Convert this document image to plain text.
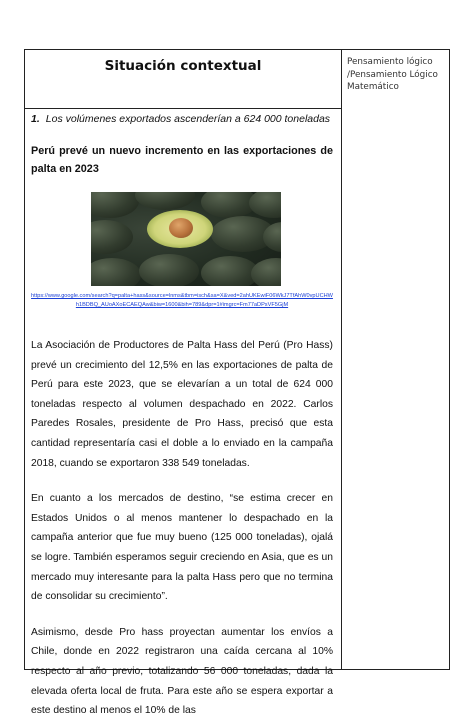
Situación contextual	Pensamiento lógico /Pensamiento Lógico Matemático

1. Los volúmenes exportados ascenderían a 624 000 toneladas

Perú prevé un nuevo incremento en las exportaciones de palta en 2023

https://www.google.com/search?q=palta+hass&source=lnms&tbm=isch&sa=X&ved=2ahUKEwiF06WkJ7TfAhW0vpUCHWh1BDBQ_AUoAXoECAEQAw&biw=1600&bih=789&dpr=1#imgrc=Fm77aDPsVF5GjM

La Asociación de Productores de Palta Hass del Perú (Pro Hass) prevé un crecimiento del 12,5% en las exportaciones de palta de Perú para este 2023, que se elevarían a un total de 624 000 toneladas respecto al volumen despachado en 2022. Carlos Paredes Rosales, presidente de Pro Hass, precisó que esta cantidad representaría casi el doble a lo enviado en la campaña 2018, cuando se exportaron 338 549 toneladas.

En cuanto a los mercados de destino, “se estima crecer en Estados Unidos o al menos mantener lo despachado en la campaña anterior que fue muy bueno (125 000 toneladas), ojalá se logre. También esperamos seguir creciendo en Asia, que es un mercado muy interesante para la palta Hass pero que no termina de consolidar su crecimiento”.

Asimismo, desde Pro hass proyectan aumentar los envíos a Chile, donde en 2022 registraron una caída cercana al 10% respecto al año previo, totalizando 56 000 toneladas, dada la elevada oferta local de fruta. Para este año se espera exportar a este destino al menos el 10% de las
